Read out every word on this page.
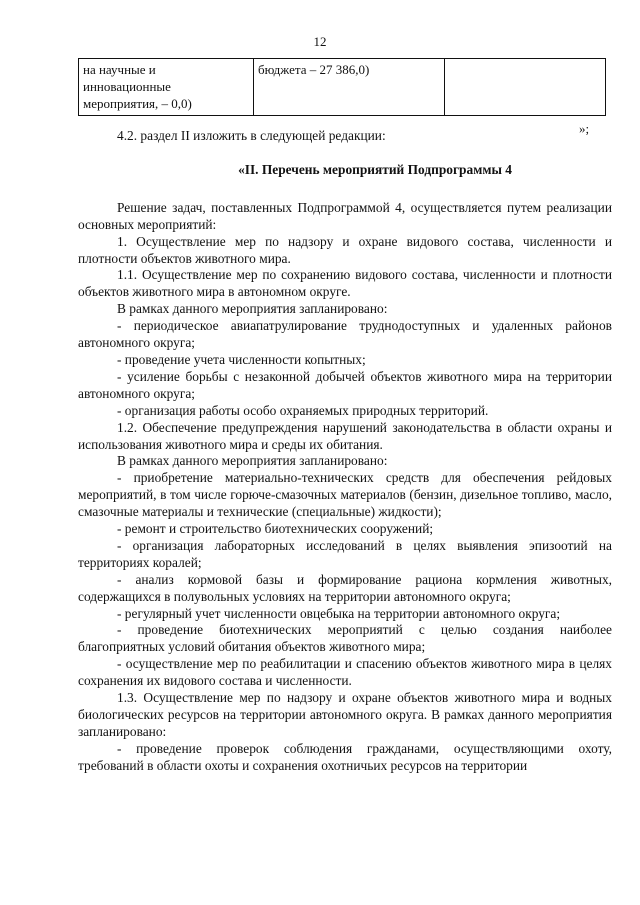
12
на научные и
инновационные
мероприятия, – 0,0)
	бюджета – 27 386,0)	
»;

4.2. раздел II изложить в следующей редакции:

«II. Перечень мероприятий Подпрограммы 4

Решение задач, поставленных Подпрограммой 4, осуществляется путем реализации основных мероприятий:

1. Осуществление мер по надзору и охране видового состава, численности и плотности объектов животного мира.

1.1. Осуществление мер по сохранению видового состава, численности и плотности объектов животного мира в автономном округе.

В рамках данного мероприятия запланировано:

- периодическое авиапатрулирование труднодоступных и удаленных районов автономного округа;

- проведение учета численности копытных;

- усиление борьбы с незаконной добычей объектов животного мира на территории автономного округа;

- организация работы особо охраняемых природных территорий.

1.2. Обеспечение предупреждения нарушений законодательства в области охраны и использования животного мира и среды их обитания.

В рамках данного мероприятия запланировано:

- приобретение материально-технических средств для обеспечения рейдовых мероприятий, в том числе горюче-смазочных материалов (бензин, дизельное топливо, масло, смазочные материалы и технические (специальные) жидкости);

- ремонт и строительство биотехнических сооружений;

- организация лабораторных исследований в целях выявления эпизоотий на территориях коралей;

- анализ кормовой базы и формирование рациона кормления животных, содержащихся в полувольных условиях на территории автономного округа;

- регулярный учет численности овцебыка на территории автономного округа;

- проведение биотехнических мероприятий с целью создания наиболее благоприятных условий обитания объектов животного мира;

- осуществление мер по реабилитации и спасению объектов животного мира в целях сохранения их видового состава и численности.

1.3. Осуществление мер по надзору и охране объектов животного мира и водных биологических ресурсов на территории автономного округа. В рамках данного мероприятия запланировано:

- проведение проверок соблюдения гражданами, осуществляющими охоту, требований в области охоты и сохранения охотничьих ресурсов на территории
